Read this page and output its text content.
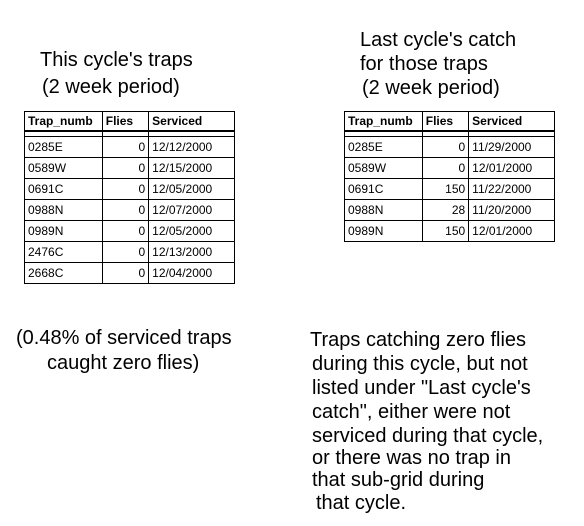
This cycle's traps
(2 week period)
Trap_numb	Flies	Serviced

0285E	0	12/12/2000
0589W	0	12/15/2000
0691C	0	12/05/2000
0988N	0	12/07/2000
0989N	0	12/05/2000
2476C	0	12/13/2000
2668C	0	12/04/2000
(0.48% of serviced traps
caught zero flies)
Last cycle's catch
for those traps
(2 week period)
Trap_numb	Flies	Serviced

0285E	0	11/29/2000
0589W	0	12/01/2000
0691C	150	11/22/2000
0988N	28	11/20/2000
0989N	150	12/01/2000
Traps catching zero flies
during this cycle, but not
listed under "Last cycle's
catch", either were not
serviced during that cycle,
or there was no trap in
that sub-grid during
that cycle.
